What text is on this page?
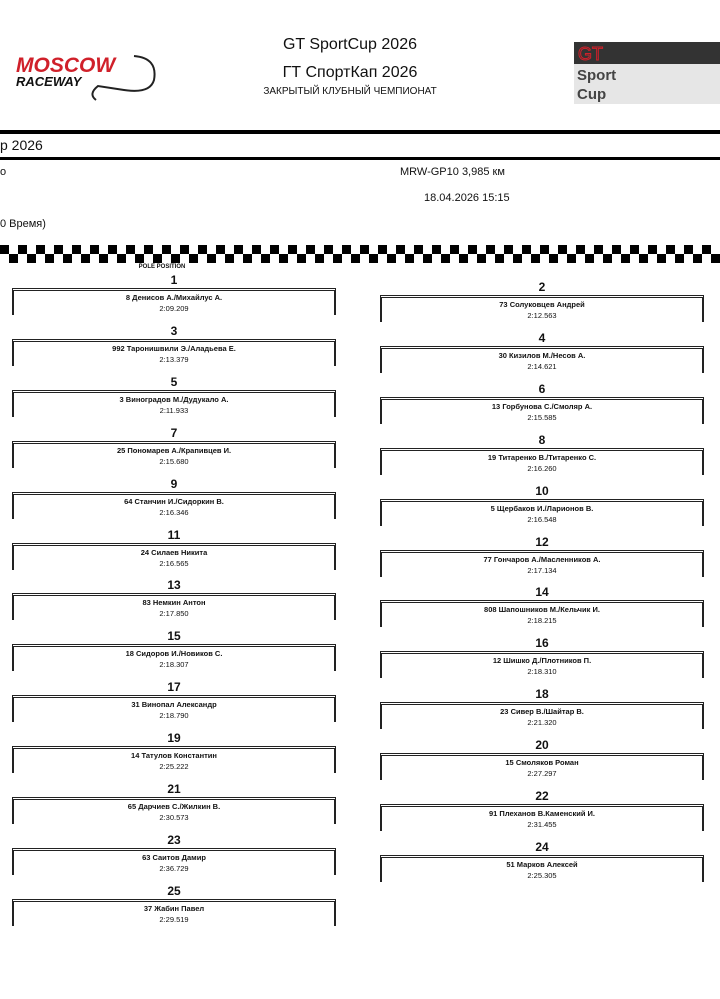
MOSCOW
RACEWAY
GT SportCup 2026
ГТ СпортКап 2026
ЗАКРЫТЫЙ КЛУБНЫЙ ЧЕМПИОНАТ
GT
Sport
Cup
р 2026
о	MRW-GP10 3,985 км
18.04.2026 15:15
0 Время)
POLE POSITION
1
8 Денисов А./Михайлус А.
2:09.209
2
73 Солуковцев Андрей
2:12.563
3
992 Таронишвили Э./Аладьева Е.
2:13.379
4
30 Кизилов М./Несов А.
2:14.621
5
3 Виноградов М./Дудукало А.
2:11.933
6
13 Горбунова С./Смоляр А.
2:15.585
7
25 Пономарев А./Крапивцев И.
2:15.680
8
19 Титаренко В./Титаренко С.
2:16.260
9
64 Станчин И./Сидоркин В.
2:16.346
10
5 Щербаков И./Ларионов В.
2:16.548
11
24 Силаев Никита
2:16.565
12
77 Гончаров А./Масленников А.
2:17.134
13
83 Немкин Антон
2:17.850
14
808 Шапошников М./Кельчик И.
2:18.215
15
18 Сидоров И./Новиков С.
2:18.307
16
12 Шишко Д./Плотников П.
2:18.310
17
31 Винопал Александр
2:18.790
18
23 Сивер В./Шайтар В.
2:21.320
19
14 Татулов Константин
2:25.222
20
15 Смоляков Роман
2:27.297
21
65 Дарчиев С./Жилкин В.
2:30.573
22
91 Плеханов В.Каменский И.
2:31.455
23
63 Саитов Дамир
2:36.729
24
51 Марков Алексей
2:25.305
25
37 Жабин Павел
2:29.519
